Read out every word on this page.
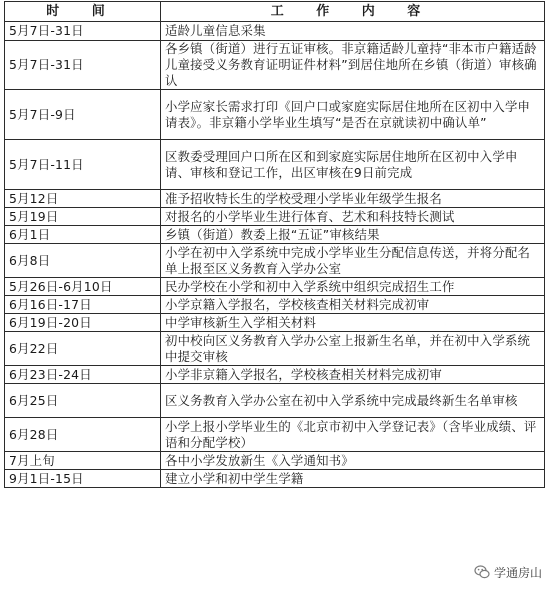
时 间	工 作 内 容
5月7日-31日	适龄儿童信息采集
5月7日-31日	各乡镇（街道）进行五证审核。非京籍适龄儿童持“非本市户籍适龄儿童接受义务教育证明证件材料”到居住地所在乡镇（街道）审核确认
5月7日-9日	小学应家长需求打印《回户口或家庭实际居住地所在区初中入学申请表》。非京籍小学毕业生填写“是否在京就读初中确认单”
5月7日-11日	区教委受理回户口所在区和到家庭实际居住地所在区初中入学申请、审核和登记工作，出区审核在9日前完成
5月12日	准予招收特长生的学校受理小学毕业年级学生报名
5月19日	对报名的小学毕业生进行体育、艺术和科技特长测试
6月1日	乡镇（街道）教委上报“五证”审核结果
6月8日	小学在初中入学系统中完成小学毕业生分配信息传送，并将分配名单上报至区义务教育入学办公室
5月26日-6月10日	民办学校在小学和初中入学系统中组织完成招生工作
6月16日-17日	小学京籍入学报名，学校核查相关材料完成初审
6月19日-20日	中学审核新生入学相关材料
6月22日	初中校向区义务教育入学办公室上报新生名单，并在初中入学系统中提交审核
6月23日-24日	小学非京籍入学报名，学校核查相关材料完成初审
6月25日	区义务教育入学办公室在初中入学系统中完成最终新生名单审核
6月28日	小学上报小学毕业生的《北京市初中入学登记表》（含毕业成绩、评语和分配学校）
7月上旬	各中小学发放新生《入学通知书》
9月1日-15日	建立小学和初中学生学籍
学通房山
